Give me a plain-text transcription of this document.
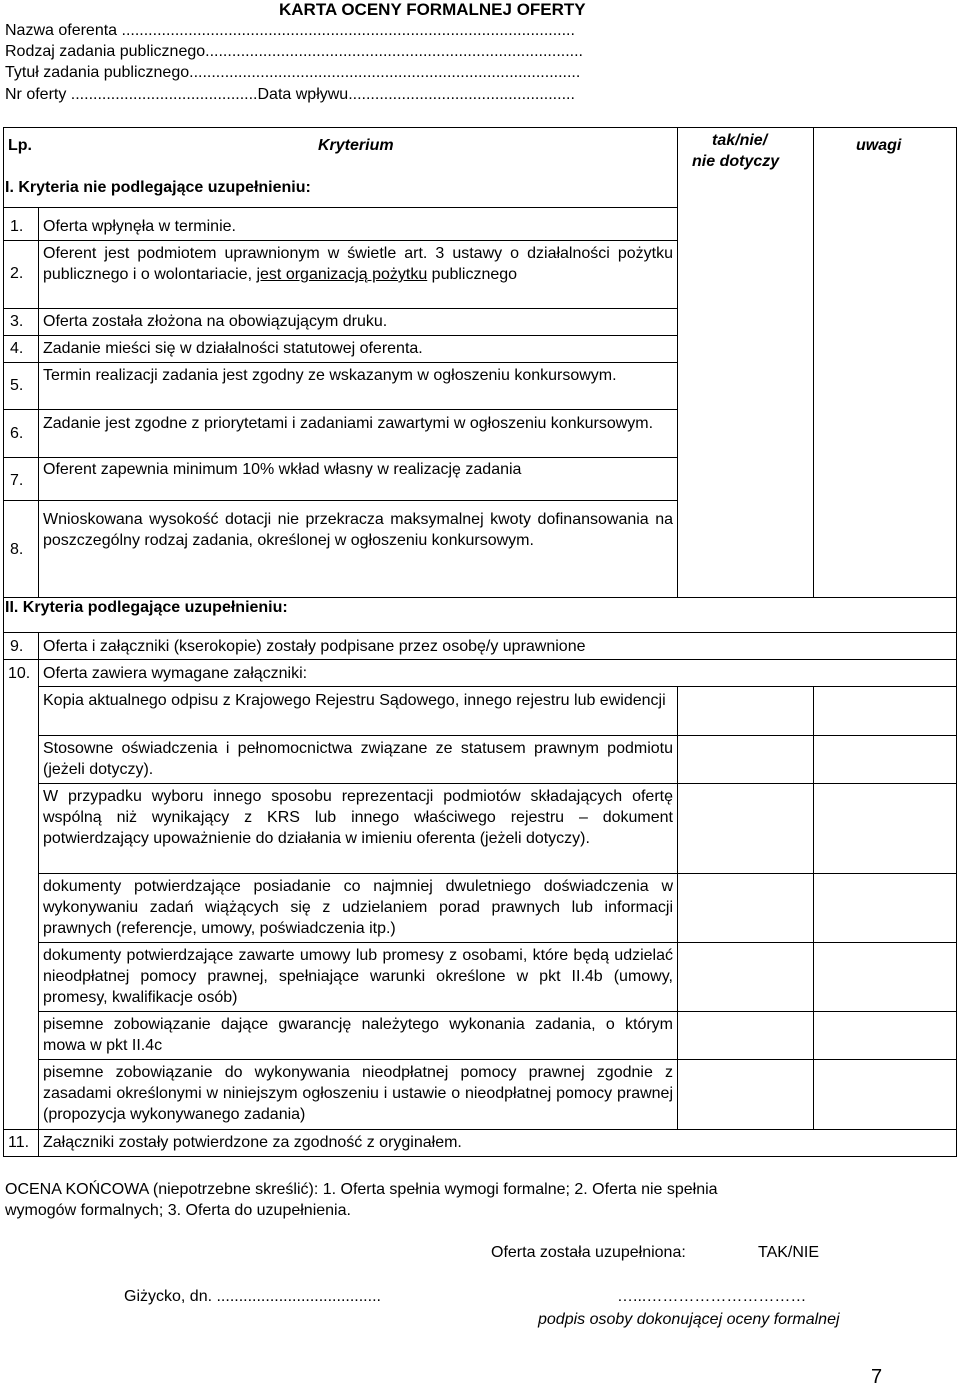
KARTA OCENY FORMALNEJ OFERTY
Nazwa oferenta ......................................................................................................
Rodzaj zadania publicznego.....................................................................................
Tytuł zadania publicznego........................................................................................
Nr oferty ..........................................Data wpływu...................................................
Lp.	Kryterium	tak/nie/
nie dotyczy
uwagi
I. Kryteria nie podlegające uzupełnieniu:
1. Oferta wpłynęła w terminie.
2.
Oferent jest podmiotem uprawnionym w świetle art. 3 ustawy o działalności pożytku publicznego i o wolontariacie, jest organizacją pożytku publicznego
3. Oferta została złożona na obowiązującym druku.
4. Zadanie mieści się w działalności statutowej oferenta.
5.
Termin realizacji zadania jest zgodny ze wskazanym w ogłoszeniu konkursowym.
6.
Zadanie jest zgodne z priorytetami i zadaniami zawartymi w ogłoszeniu konkursowym.
7.
Oferent zapewnia minimum 10% wkład własny w realizację zadania
8.
Wnioskowana wysokość dotacji nie przekracza maksymalnej kwoty dofinansowania na poszczególny rodzaj zadania, określonej w ogłoszeniu konkursowym.
II. Kryteria podlegające uzupełnieniu:
9. Oferta i załączniki (kserokopie) zostały podpisane przez osobę/y uprawnione
10. Oferta zawiera wymagane załączniki:
Kopia aktualnego odpisu z Krajowego Rejestru Sądowego, innego rejestru lub ewidencji
Stosowne oświadczenia i pełnomocnictwa związane ze statusem prawnym podmiotu (jeżeli dotyczy).
W przypadku wyboru innego sposobu reprezentacji podmiotów składających ofertę wspólną niż wynikający z KRS lub innego właściwego rejestru – dokument potwierdzający upoważnienie do działania w imieniu oferenta (jeżeli dotyczy).
dokumenty potwierdzające posiadanie co najmniej dwuletniego doświadczenia w wykonywaniu zadań wiążących się z udzielaniem porad prawnych lub informacji prawnych (referencje, umowy, poświadczenia itp.)
dokumenty potwierdzające zawarte umowy lub promesy z osobami, które będą udzielać nieodpłatnej pomocy prawnej, spełniające warunki określone w pkt II.4b (umowy, promesy, kwalifikacje osób)
pisemne zobowiązanie dające gwarancję należytego wykonania zadania, o którym mowa w pkt II.4c
pisemne zobowiązanie do wykonywania nieodpłatnej pomocy prawnej zgodnie z zasadami określonymi w niniejszym ogłoszeniu i ustawie o nieodpłatnej pomocy prawnej (propozycja wykonywanego zadania)
11. Załączniki zostały potwierdzone za zgodność z oryginałem.
OCENA KOŃCOWA (niepotrzebne skreślić): 1. Oferta spełnia wymogi formalne; 2. Oferta nie spełnia
wymogów formalnych; 3. Oferta do uzupełnienia.
Oferta została uzupełniona:	TAK/NIE
Giżycko, dn. .....................................	…...…………………………
podpis osoby dokonującej oceny formalnej
7
